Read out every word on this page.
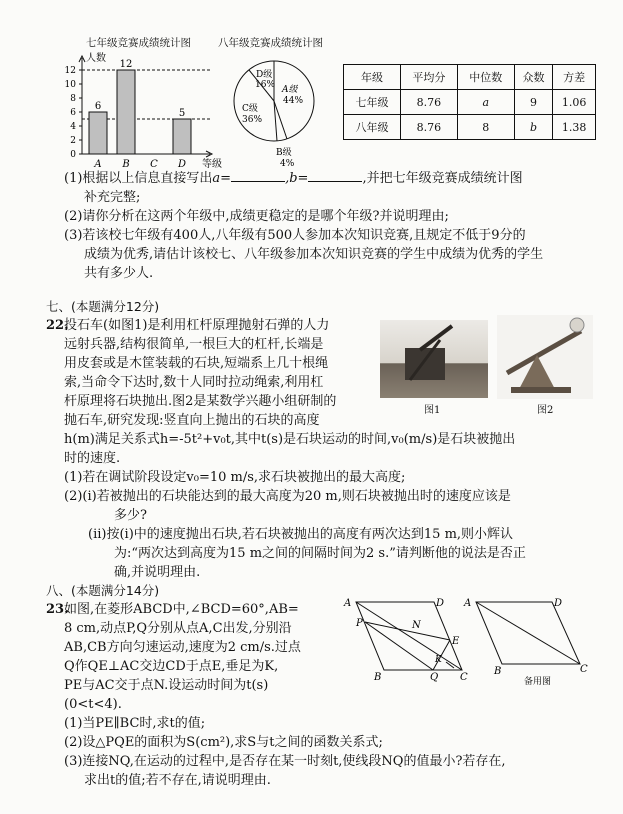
七年级竞赛成绩统计图	八年级竞赛成绩统计图
0
2
4
6
8
10
12
6
A
12
B C
5
D
人数
等级
D级
16% A级
44%
C级
36%
B级
4%
年级	平均分	中位数	众数	方差
七年级	8.76	a	9	1.06
八年级	8.76	8	b	1.38
(1)根据以上信息直接写出a=	,b=	,并把七年级竞赛成绩统计图
补充完整;
(2)请你分析在这两个年级中,成绩更稳定的是哪个年级?并说明理由;
(3)若该校七年级有400人,八年级有500人参加本次知识竞赛,且规定不低于9分的
成绩为优秀,请估计该校七、八年级参加本次知识竞赛的学生中成绩为优秀的学生
共有多少人.
七、(本题满分12分)
22.
投石车(如图1)是利用杠杆原理抛射石弹的人力
远射兵器,结构很简单,一根巨大的杠杆,长端是
用皮套或是木筐装载的石块,短端系上几十根绳
索,当命令下达时,数十人同时拉动绳索,利用杠
杆原理将石块抛出.图2是某数学兴趣小组研制的
抛石车,研究发现:竖直向上抛出的石块的高度
h(m)满足关系式h=-5t²+v₀t,其中t(s)是石块运动的时间,v₀(m/s)是石块被抛出
时的速度.
图1	图2
(1)若在调试阶段设定v₀=10 m/s,求石块被抛出的最大高度;
(2)(ⅰ)若被抛出的石块能达到的最大高度为20 m,则石块被抛出时的速度应该是
多少?
(ⅱ)按(ⅰ)中的速度抛出石块,若石块被抛出的高度有两次达到15 m,则小辉认
为:“两次达到高度为15 m之间的间隔时间为2 s.”请判断他的说法是否正
确,并说明理由.
八、(本题满分14分)
23.
如图,在菱形ABCD中,∠BCD=60°,AB=
8 cm,动点P,Q分别从点A,C出发,分别沿
AB,CB方向匀速运动,速度为2 cm/s.过点
Q作QE⊥AC交边CD于点E,垂足为K,
PE与AC交于点N.设运动时间为t(s)
(0<t<4).
(1)当PE∥BC时,求t的值;
(2)设△PQE的面积为S(cm²),求S与t之间的函数关系式;
(3)连接NQ,在运动的过程中,是否存在某一时刻t,使线段NQ的值最小?若存在,
求出t的值;若不存在,请说明理由.
A	D
P	N
E
K
B	Q C
A	D
B	C
备用图
